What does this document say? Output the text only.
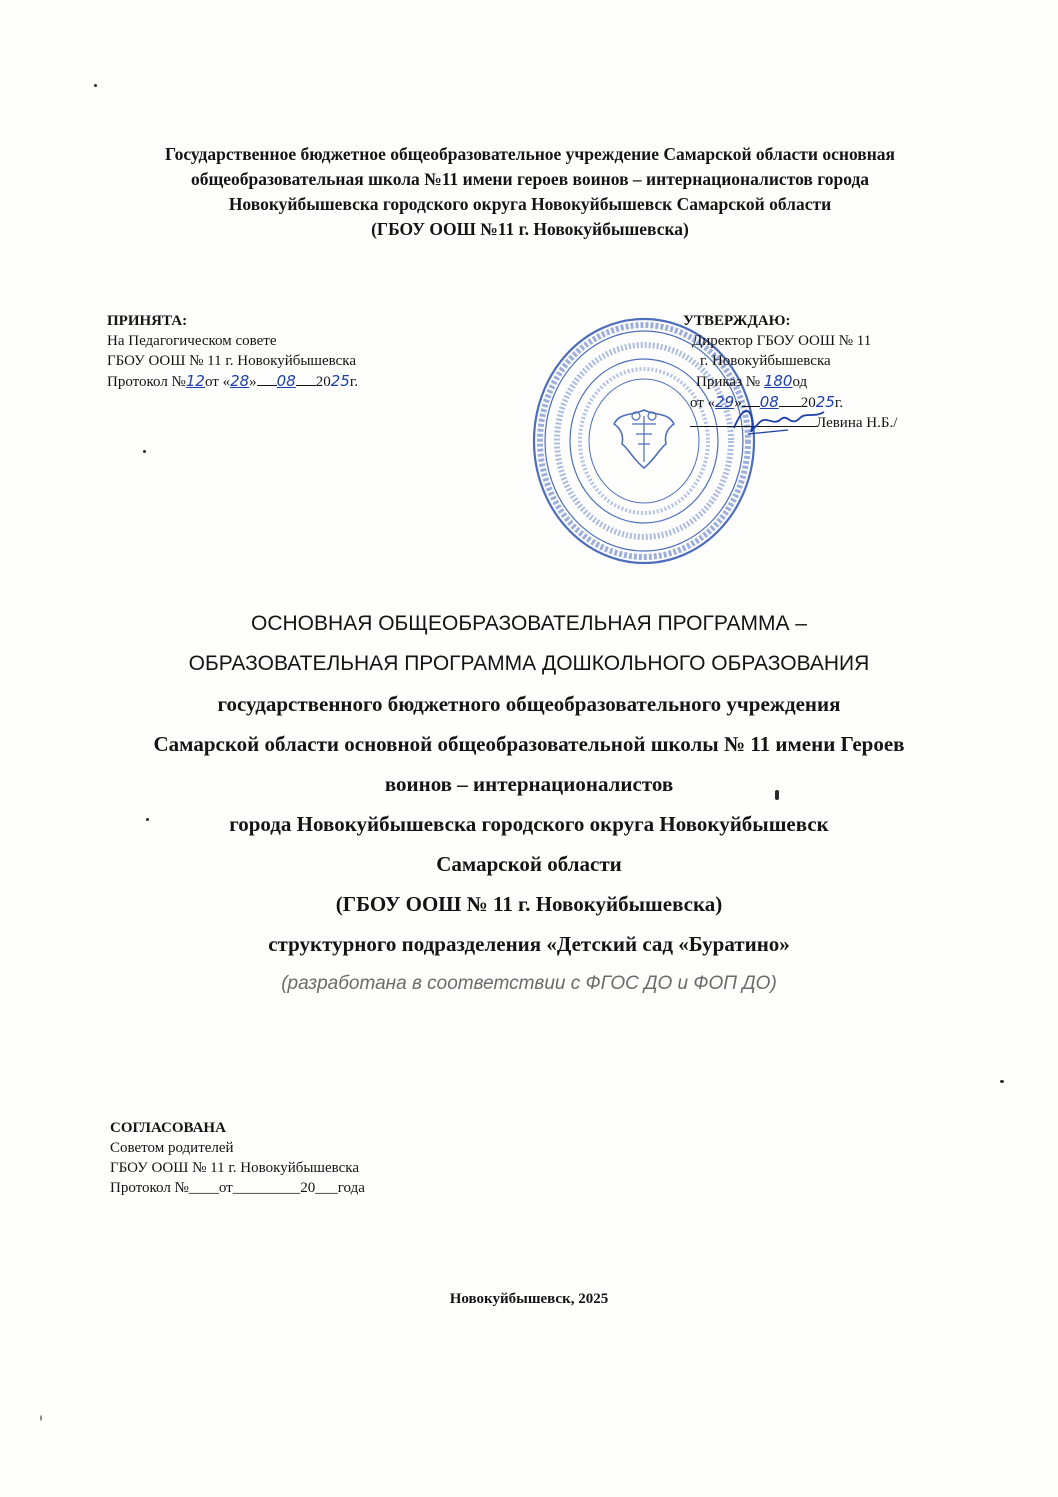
Государственное бюджетное общеобразовательное учреждение Самарской области основная
общеобразовательная школа №11 имени героев воинов – интернационалистов города
Новокуйбышевска городского округа Новокуйбышевск Самарской области
(ГБОУ ООШ №11 г. Новокуйбышевска)
ПРИНЯТА:
На Педагогическом совете
ГБОУ ООШ № 11 г. Новокуйбышевска
Протокол №12от «28» 08 2025г.
УТВЕРЖДАЮ:
Директор ГБОУ ООШ № 11
г. Новокуйбышевска
Приказ № 180од
от «29» 08 2025г.
Левина Н.Б./
ОСНОВНАЯ ОБЩЕОБРАЗОВАТЕЛЬНАЯ ПРОГРАММА –
ОБРАЗОВАТЕЛЬНАЯ ПРОГРАММА ДОШКОЛЬНОГО ОБРАЗОВАНИЯ
государственного бюджетного общеобразовательного учреждения
Самарской области основной общеобразовательной школы № 11 имени Героев
воинов – интернационалистов
города Новокуйбышевска городского округа Новокуйбышевск
Самарской области
(ГБОУ ООШ № 11 г. Новокуйбышевска)
структурного подразделения «Детский сад «Буратино»
(разработана в соответствии с ФГОС ДО и ФОП ДО)
СОГЛАСОВАНА
Советом родителей
ГБОУ ООШ № 11 г. Новокуйбышевска
Протокол №____от_________20___года
Новокуйбышевск, 2025
